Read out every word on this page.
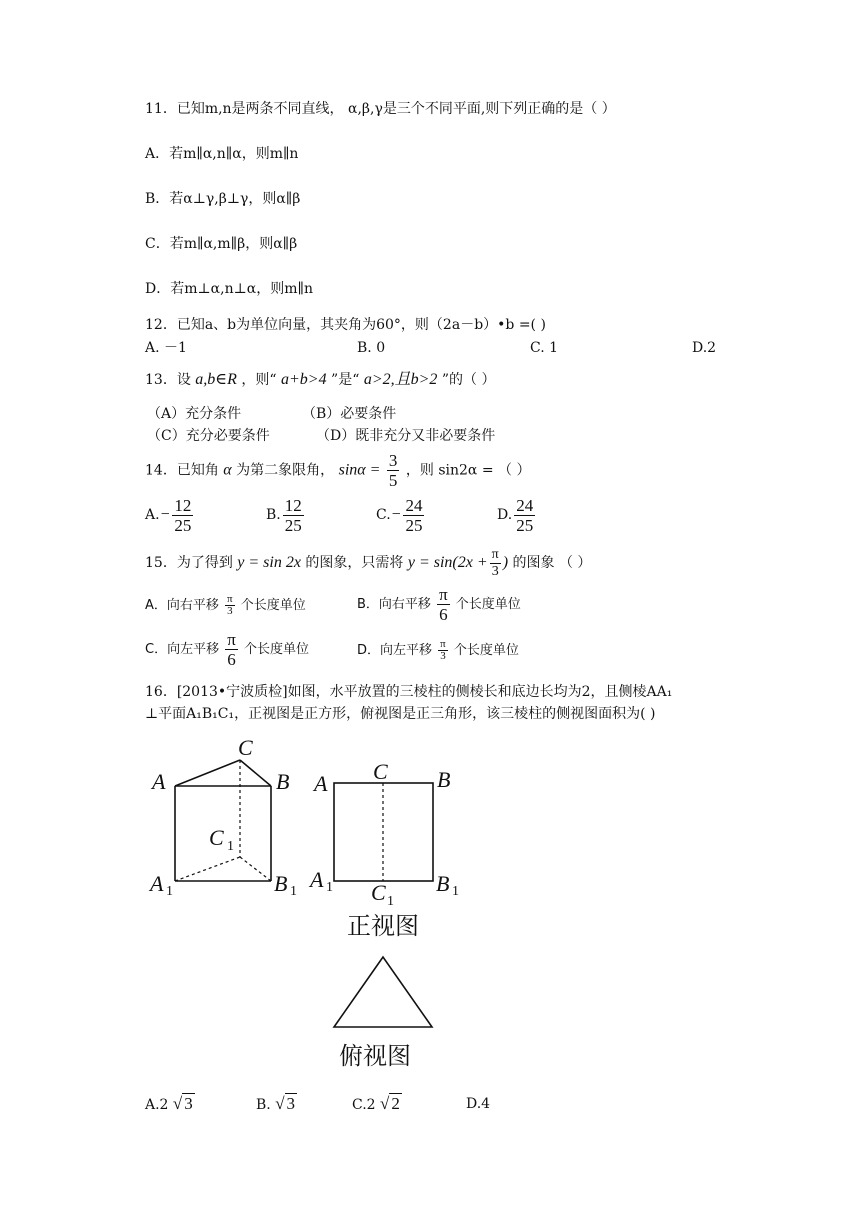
11．已知m,n是两条不同直线， α,β,γ是三个不同平面,则下列正确的是（ ）
A．若m∥α,n∥α，则m∥n
B．若α⊥γ,β⊥γ，则α∥β
C．若m∥α,m∥β，则α∥β
D．若m⊥α,n⊥α，则m∥n
12．已知a、b为单位向量，其夹角为60°，则（2a－b）•b =( )
A. －1	B. 0	C. 1	D.2
13．设 a,b∈R ，则“ a+b>4 ”是“ a>2,且b>2 ”的（ ）
（A）充分条件	（B）必要条件
（C）充分必要条件	（D）既非充分又非必要条件
14．已知角 α 为第二象限角， $\sin\alpha = \frac{3}{5}$ ，则 sin2α = （ ）
$A.- \frac{12}{25}$	B. $\frac{12}{25}$	$C.- \frac{24}{25}$	D. $\frac{24}{25}$
15．为了得到 y = sin 2x 的图象，只需将 $y = \sin(2x + \frac{\pi}{3}$ ) 的图象 （ ）
A．向右平移 $\frac{\pi}{3}$ 个长度单位	B．向右平移 $\frac{\pi}{6}$ 个长度单位
C．向左平移 $\frac{\pi}{6}$ 个长度单位	D．向左平移 $\frac{\pi}{3}$ 个长度单位
16．[2013•宁波质检]如图，水平放置的三棱柱的侧棱长和底边长均为2，且侧棱AA₁
⊥平面A₁B₁C₁，正视图是正方形，俯视图是正三角形，该三棱柱的侧视图面积为( )
A	B
C
C
A	B
1
1	1
A	B
C
A	B
C
1	1
1
正视图
俯视图
A.2 √ 3	B. √ 3	C.2 √ 2	D.4
